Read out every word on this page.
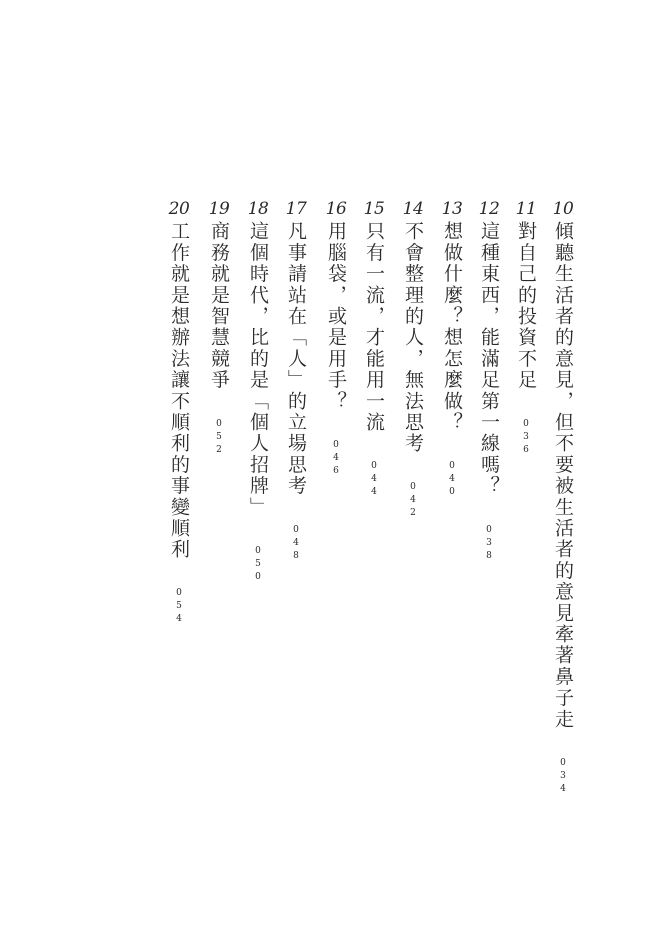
10
傾聽生活者的意見，但不要被生活者的意見牽著鼻子走
034
11
對自己的投資不足
036
12
這種東西，能滿足第一線嗎？
038
13
想做什麼？想怎麼做？
040
14
不會整理的人，無法思考
042
15
只有一流，才能用一流
044
16
用腦袋，或是用手？
046
17
凡事請站在「人」的立場思考
048
18
這個時代，比的是「個人招牌」
050
19
商務就是智慧競爭
052
20
工作就是想辦法讓不順利的事變順利
054
